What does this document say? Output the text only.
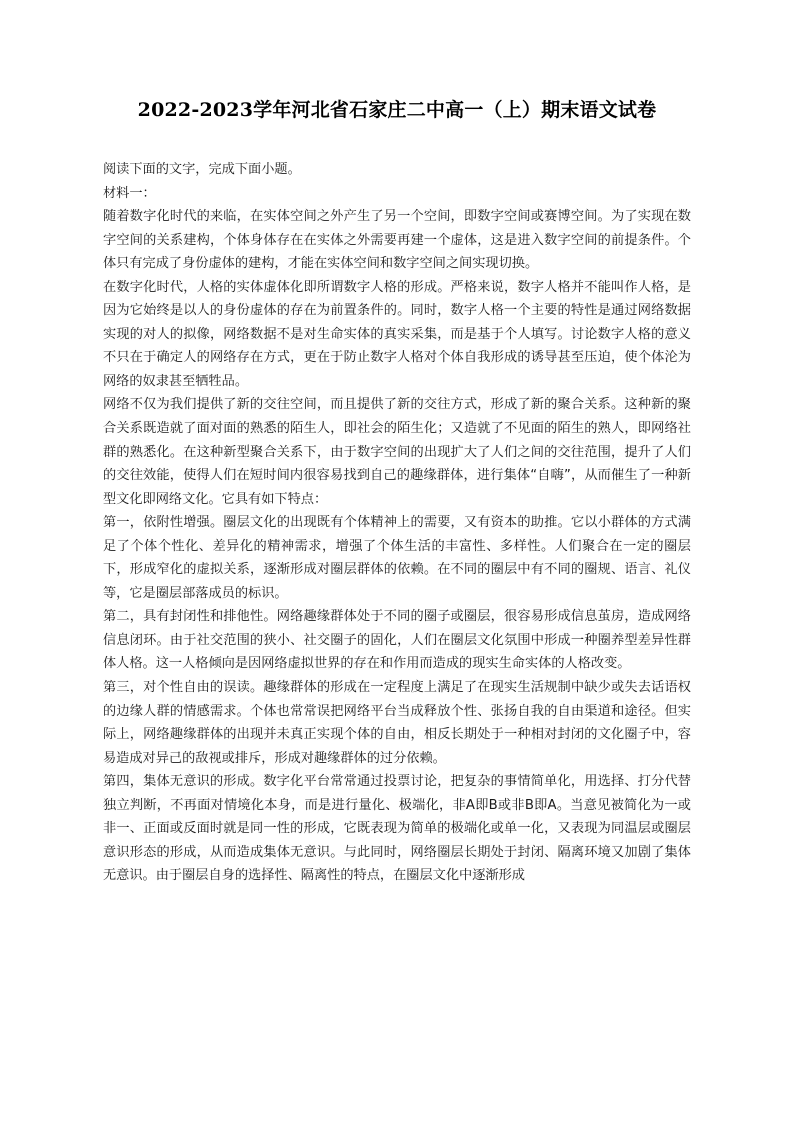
2022-2023学年河北省石家庄二中高一（上）期末语文试卷

阅读下面的文字，完成下面小题。

材料一：

随着数字化时代的来临，在实体空间之外产生了另一个空间，即数字空间或赛博空间。为了实现在数字空间的关系建构，个体身体存在在实体之外需要再建一个虚体，这是进入数字空间的前提条件。个体只有完成了身份虚体的建构，才能在实体空间和数字空间之间实现切换。

在数字化时代，人格的实体虚体化即所谓数字人格的形成。严格来说，数字人格并不能叫作人格，是因为它始终是以人的身份虚体的存在为前置条件的。同时，数字人格一个主要的特性是通过网络数据实现的对人的拟像，网络数据不是对生命实体的真实采集，而是基于个人填写。讨论数字人格的意义不只在于确定人的网络存在方式，更在于防止数字人格对个体自我形成的诱导甚至压迫，使个体沦为网络的奴隶甚至牺牲品。

网络不仅为我们提供了新的交往空间，而且提供了新的交往方式，形成了新的聚合关系。这种新的聚合关系既造就了面对面的熟悉的陌生人，即社会的陌生化；又造就了不见面的陌生的熟人，即网络社群的熟悉化。在这种新型聚合关系下，由于数字空间的出现扩大了人们之间的交往范围，提升了人们的交往效能，使得人们在短时间内很容易找到自己的趣缘群体，进行集体“自嗨”，从而催生了一种新型文化即网络文化。它具有如下特点：

第一，依附性增强。圈层文化的出现既有个体精神上的需要，又有资本的助推。它以小群体的方式满足了个体个性化、差异化的精神需求，增强了个体生活的丰富性、多样性。人们聚合在一定的圈层下，形成窄化的虚拟关系，逐渐形成对圈层群体的依赖。在不同的圈层中有不同的圈规、语言、礼仪等，它是圈层部落成员的标识。

第二，具有封闭性和排他性。网络趣缘群体处于不同的圈子或圈层，很容易形成信息茧房，造成网络信息闭环。由于社交范围的狭小、社交圈子的固化，人们在圈层文化氛围中形成一种圈养型差异性群体人格。这一人格倾向是因网络虚拟世界的存在和作用而造成的现实生命实体的人格改变。

第三，对个性自由的误读。趣缘群体的形成在一定程度上满足了在现实生活规制中缺少或失去话语权的边缘人群的情感需求。个体也常常误把网络平台当成释放个性、张扬自我的自由渠道和途径。但实际上，网络趣缘群体的出现并未真正实现个体的自由，相反长期处于一种相对封闭的文化圈子中，容易造成对异己的敌视或排斥，形成对趣缘群体的过分依赖。

第四，集体无意识的形成。数字化平台常常通过投票讨论，把复杂的事情简单化，用选择、打分代替独立判断，不再面对情境化本身，而是进行量化、极端化，非A即B或非B即A。当意见被简化为一或非一、正面或反面时就是同一性的形成，它既表现为简单的极端化或单一化，又表现为同温层或圈层意识形态的形成，从而造成集体无意识。与此同时，网络圈层长期处于封闭、隔离环境又加剧了集体无意识。由于圈层自身的选择性、隔离性的特点，在圈层文化中逐渐形成
